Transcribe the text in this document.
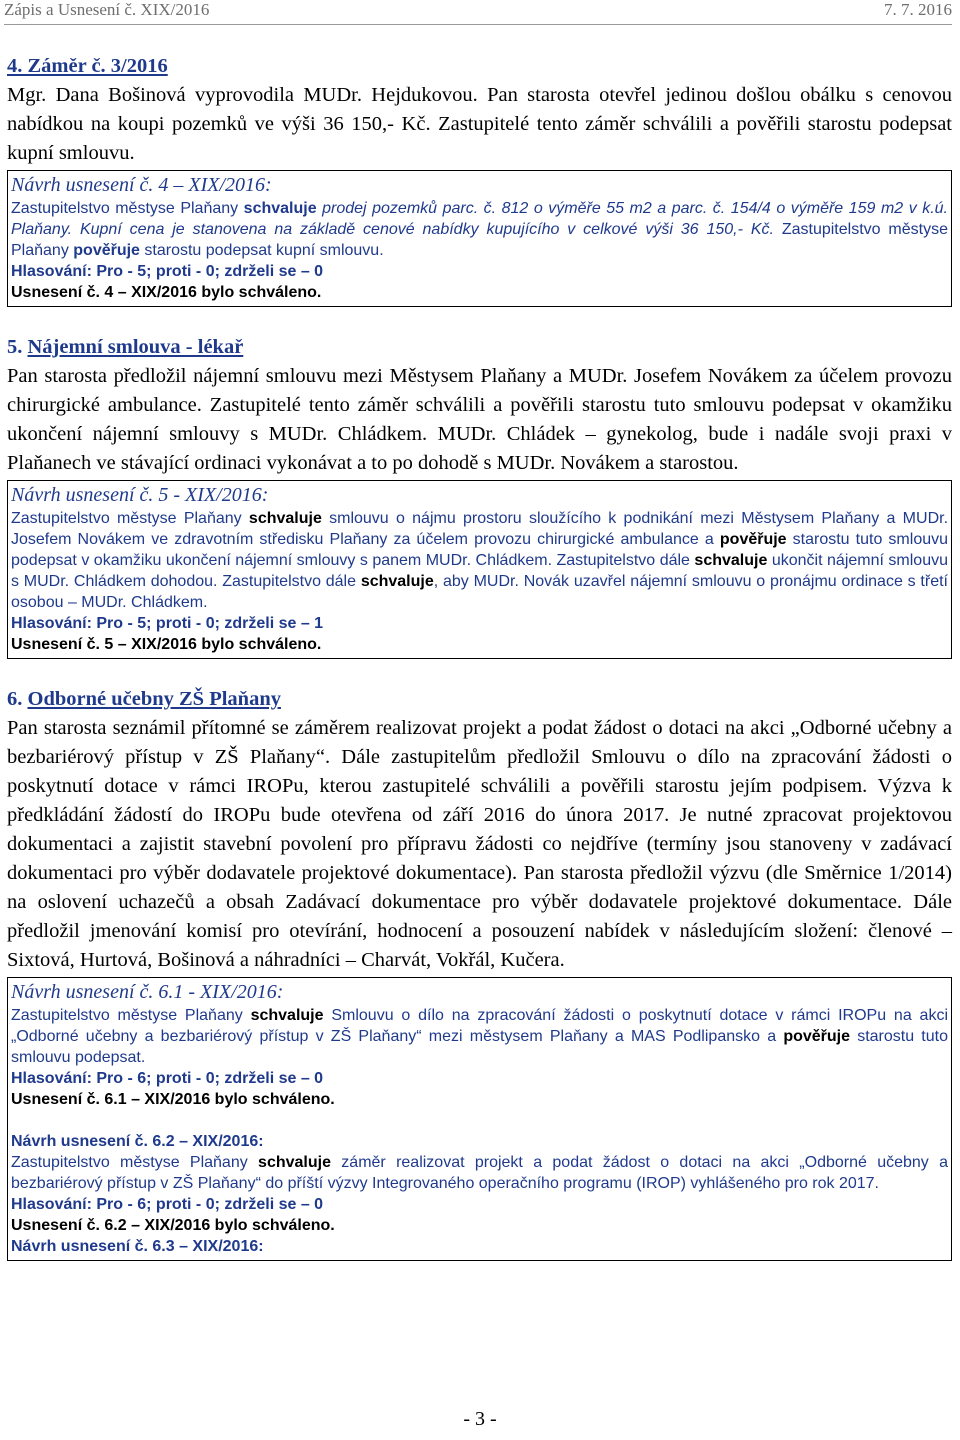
Zápis a Usnesení č. XIX/2016	7. 7. 2016
4. Záměr č. 3/2016

Mgr. Dana Bošinová vyprovodila MUDr. Hejdukovou. Pan starosta otevřel jedinou došlou obálku s cenovou nabídkou na koupi pozemků ve výši 36 150,- Kč. Zastupitelé tento záměr schválili a pověřili starostu podepsat kupní smlouvu.

Návrh usnesení č. 4 – XIX/2016:

Zastupitelstvo městyse Plaňany schvaluje prodej pozemků parc. č. 812 o výměře 55 m2 a parc. č. 154/4 o výměře 159 m2 v k.ú. Plaňany. Kupní cena je stanovena na základě cenové nabídky kupujícího v celkové výši 36 150,- Kč. Zastupitelstvo městyse Plaňany pověřuje starostu podepsat kupní smlouvu.

Hlasování: Pro - 5; proti - 0; zdrželi se – 0
Usnesení č. 4 – XIX/2016 bylo schváleno.
5. Nájemní smlouva - lékař

Pan starosta předložil nájemní smlouvu mezi Městysem Plaňany a MUDr. Josefem Novákem za účelem provozu chirurgické ambulance. Zastupitelé tento záměr schválili a pověřili starostu tuto smlouvu podepsat v okamžiku ukončení nájemní smlouvy s MUDr. Chládkem. MUDr. Chládek – gynekolog, bude i nadále svoji praxi v Plaňanech ve stávající ordinaci vykonávat a to po dohodě s MUDr. Novákem a starostou.

Návrh usnesení č. 5 - XIX/2016:

Zastupitelstvo městyse Plaňany schvaluje smlouvu o nájmu prostoru sloužícího k podnikání mezi Městysem Plaňany a MUDr. Josefem Novákem ve zdravotním středisku Plaňany za účelem provozu chirurgické ambulance a pověřuje starostu tuto smlouvu podepsat v okamžiku ukončení nájemní smlouvy s panem MUDr. Chládkem. Zastupitelstvo dále schvaluje ukončit nájemní smlouvu s MUDr. Chládkem dohodou. Zastupitelstvo dále schvaluje, aby MUDr. Novák uzavřel nájemní smlouvu o pronájmu ordinace s třetí osobou – MUDr. Chládkem.

Hlasování: Pro - 5; proti - 0; zdrželi se – 1
Usnesení č. 5 – XIX/2016 bylo schváleno.
6. Odborné učebny ZŠ Plaňany

Pan starosta seznámil přítomné se záměrem realizovat projekt a podat žádost o dotaci na akci „Odborné učebny a bezbariérový přístup v ZŠ Plaňany“. Dále zastupitelům předložil Smlouvu o dílo na zpracování žádosti o poskytnutí dotace v rámci IROPu, kterou zastupitelé schválili a pověřili starostu jejím podpisem. Výzva k předkládání žádostí do IROPu bude otevřena od září 2016 do února 2017. Je nutné zpracovat projektovou dokumentaci a zajistit stavební povolení pro přípravu žádosti co nejdříve (termíny jsou stanoveny v zadávací dokumentaci pro výběr dodavatele projektové dokumentace). Pan starosta předložil výzvu (dle Směrnice 1/2014) na oslovení uchazečů a obsah Zadávací dokumentace pro výběr dodavatele projektové dokumentace. Dále předložil jmenování komisí pro otevírání, hodnocení a posouzení nabídek v následujícím složení: členové – Sixtová, Hurtová, Bošinová a náhradníci – Charvát, Vokřál, Kučera.

Návrh usnesení č. 6.1 - XIX/2016:

Zastupitelstvo městyse Plaňany schvaluje Smlouvu o dílo na zpracování žádosti o poskytnutí dotace v rámci IROPu na akci „Odborné učebny a bezbariérový přístup v ZŠ Plaňany“ mezi městysem Plaňany a MAS Podlipansko a pověřuje starostu tuto smlouvu podepsat.

Hlasování: Pro - 6; proti - 0; zdrželi se – 0
Usnesení č. 6.1 – XIX/2016 bylo schváleno.
Návrh usnesení č. 6.2 – XIX/2016:

Zastupitelstvo městyse Plaňany schvaluje záměr realizovat projekt a podat žádost o dotaci na akci „Odborné učebny a bezbariérový přístup v ZŠ Plaňany“ do příští výzvy Integrovaného operačního programu (IROP) vyhlášeného pro rok 2017.

Hlasování: Pro - 6; proti - 0; zdrželi se – 0
Usnesení č. 6.2 – XIX/2016 bylo schváleno.
Návrh usnesení č. 6.3 – XIX/2016:
- 3 -
